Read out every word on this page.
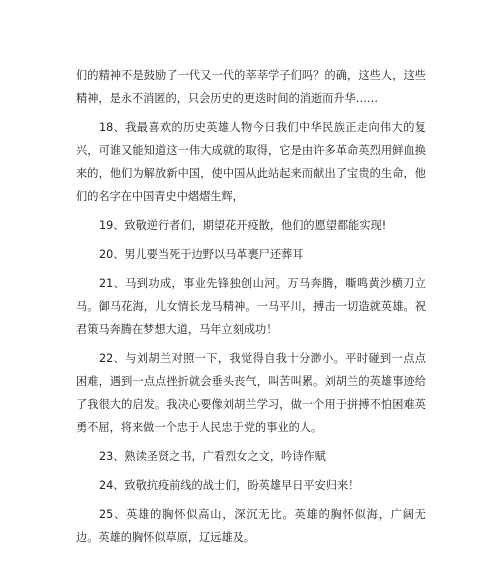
们的精神不是鼓励了一代又一代的莘莘学子们吗？的确，这些人，这些精神，是永不消匿的，只会历史的更迭时间的消逝而升华……

18、我最喜欢的历史英雄人物今日我们中华民族正走向伟大的复兴，可谁又能知道这一伟大成就的取得，它是由许多革命英烈用鲜血换来的，他们为解放新中国，使中国从此站起来而献出了宝贵的生命，他们的名字在中国青史中熠熠生辉，

19、致敬逆行者们，期望花开疫散，他们的愿望都能实现!

20、男儿要当死于边野以马革裹尸还葬耳

21、马到功成，事业先锋独创山河。万马奔腾，嘶鸣黄沙横刀立马。御马花海，儿女情长龙马精神。一马平川，搏击一切造就英雄。祝君策马奔腾在梦想大道，马年立刻成功！

22、与刘胡兰对照一下，我觉得自我十分渺小。平时碰到一点点困难，遇到一点点挫折就会垂头丧气，叫苦叫累。刘胡兰的英雄事迹给了我很大的启发。我决心要像刘胡兰学习，做一个用于拼搏不怕困难英勇不屈，将来做一个忠于人民忠于党的事业的人。

23、熟读圣贤之书，广看烈女之文，吟诗作赋

24、致敬抗疫前线的战士们，盼英雄早日平安归来！

25、英雄的胸怀似高山，深沉无比。英雄的胸怀似海，广阔无边。英雄的胸怀似草原，辽远雄及。
